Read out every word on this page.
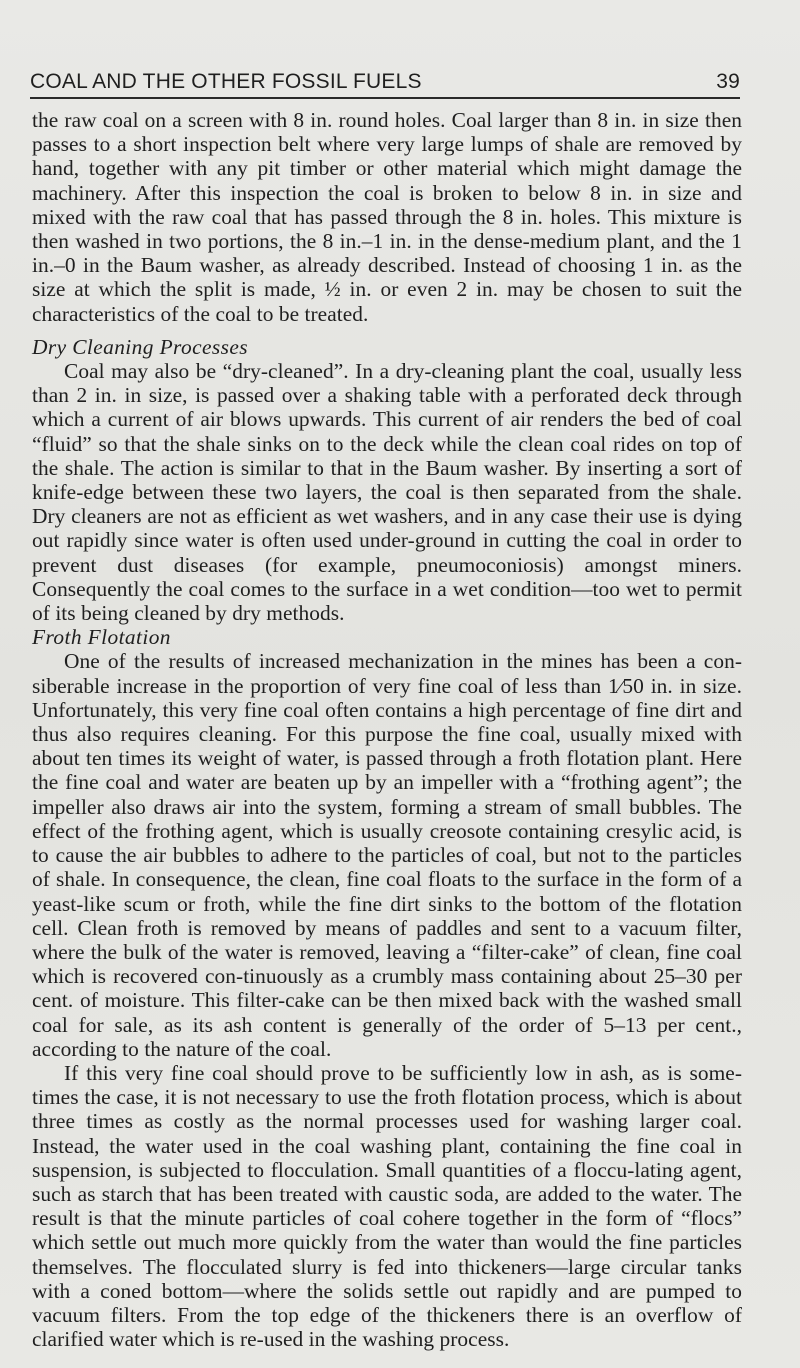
COAL AND THE OTHER FOSSIL FUELS	39

the raw coal on a screen with 8 in. round holes. Coal larger than 8 in. in size then passes to a short inspection belt where very large lumps of shale are removed by hand, together with any pit timber or other material which might damage the machinery. After this inspection the coal is broken to below 8 in. in size and mixed with the raw coal that has passed through the 8 in. holes. This mixture is then washed in two portions, the 8 in.–1 in. in the dense-medium plant, and the 1 in.–0 in the Baum washer, as already described. Instead of choosing 1 in. as the size at which the split is made, ½ in. or even 2 in. may be chosen to suit the characteristics of the coal to be treated.

Dry Cleaning Processes

Coal may also be “dry-cleaned”. In a dry-cleaning plant the coal, usually less than 2 in. in size, is passed over a shaking table with a perforated deck through which a current of air blows upwards. This current of air renders the bed of coal “fluid” so that the shale sinks on to the deck while the clean coal rides on top of the shale. The action is similar to that in the Baum washer. By inserting a sort of knife-edge between these two layers, the coal is then separated from the shale. Dry cleaners are not as efficient as wet washers, and in any case their use is dying out rapidly since water is often used under-ground in cutting the coal in order to prevent dust diseases (for example, pneumoconiosis) amongst miners. Consequently the coal comes to the surface in a wet condition—too wet to permit of its being cleaned by dry methods.

Froth Flotation

One of the results of increased mechanization in the mines has been a con-siberable increase in the proportion of very fine coal of less than 1⁄50 in. in size. Unfortunately, this very fine coal often contains a high percentage of fine dirt and thus also requires cleaning. For this purpose the fine coal, usually mixed with about ten times its weight of water, is passed through a froth flotation plant. Here the fine coal and water are beaten up by an impeller with a “frothing agent”; the impeller also draws air into the system, forming a stream of small bubbles. The effect of the frothing agent, which is usually creosote containing cresylic acid, is to cause the air bubbles to adhere to the particles of coal, but not to the particles of shale. In consequence, the clean, fine coal floats to the surface in the form of a yeast-like scum or froth, while the fine dirt sinks to the bottom of the flotation cell. Clean froth is removed by means of paddles and sent to a vacuum filter, where the bulk of the water is removed, leaving a “filter-cake” of clean, fine coal which is recovered con-tinuously as a crumbly mass containing about 25–30 per cent. of moisture. This filter-cake can be then mixed back with the washed small coal for sale, as its ash content is generally of the order of 5–13 per cent., according to the nature of the coal.

If this very fine coal should prove to be sufficiently low in ash, as is some-times the case, it is not necessary to use the froth flotation process, which is about three times as costly as the normal processes used for washing larger coal. Instead, the water used in the coal washing plant, containing the fine coal in suspension, is subjected to flocculation. Small quantities of a floccu-lating agent, such as starch that has been treated with caustic soda, are added to the water. The result is that the minute particles of coal cohere together in the form of “flocs” which settle out much more quickly from the water than would the fine particles themselves. The flocculated slurry is fed into thickeners—large circular tanks with a coned bottom—where the solids settle out rapidly and are pumped to vacuum filters. From the top edge of the thickeners there is an overflow of clarified water which is re-used in the washing process.
